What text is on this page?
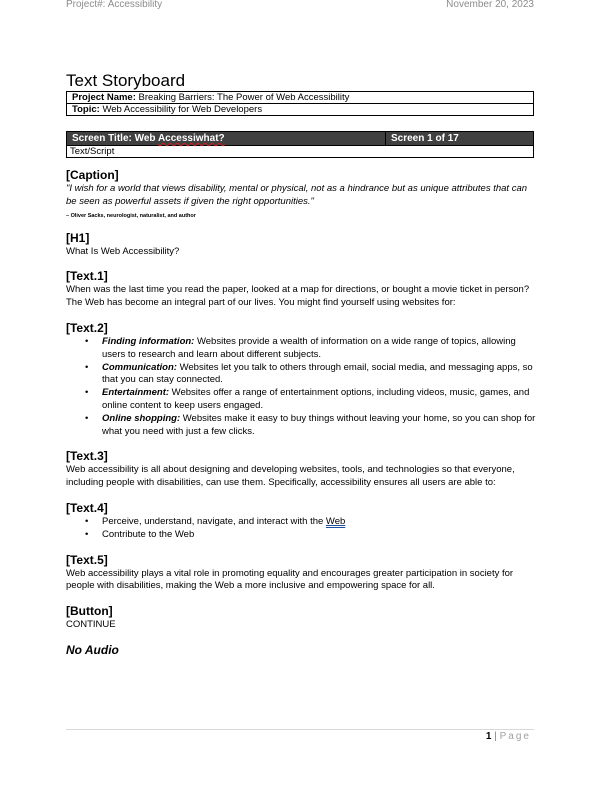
Project#: Accessibility	November 20, 2023
Text Storyboard
Project Name: Breaking Barriers: The Power of Web Accessibility
Topic: Web Accessibility for Web Developers
Screen Title: Web Accessiwhat?	Screen 1 of 17
Text/Script
[Caption]
"I wish for a world that views disability, mental or physical, not as a hindrance but as unique attributes that can be seen as powerful assets if given the right opportunities."
– Oliver Sacks, neurologist, naturalist, and author
[H1]
What Is Web Accessibility?
[Text.1]
When was the last time you read the paper, looked at a map for directions, or bought a movie ticket in person? The Web has become an integral part of our lives. You might find yourself using websites for:
[Text.2]
• Finding information: Websites provide a wealth of information on a wide range of topics, allowing users to research and learn about different subjects.
• Communication: Websites let you talk to others through email, social media, and messaging apps, so that you can stay connected.
• Entertainment: Websites offer a range of entertainment options, including videos, music, games, and online content to keep users engaged.
• Online shopping: Websites make it easy to buy things without leaving your home, so you can shop for what you need with just a few clicks.
[Text.3]
Web accessibility is all about designing and developing websites, tools, and technologies so that everyone, including people with disabilities, can use them. Specifically, accessibility ensures all users are able to:
[Text.4]
• Perceive, understand, navigate, and interact with the Web
• Contribute to the Web
[Text.5]
Web accessibility plays a vital role in promoting equality and encourages greater participation in society for people with disabilities, making the Web a more inclusive and empowering space for all.
[Button]
CONTINUE
No Audio
1 | Page
